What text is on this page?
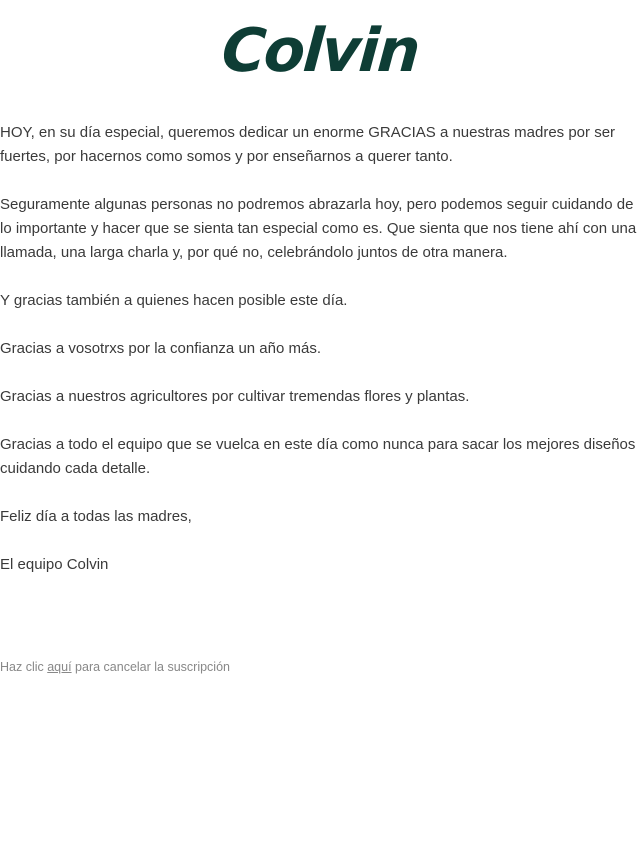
Colvin

HOY, en su día especial, queremos dedicar un enorme GRACIAS a nuestras madres por ser fuertes, por hacernos como somos y por enseñarnos a querer tanto.

Seguramente algunas personas no podremos abrazarla hoy, pero podemos seguir cuidando de lo importante y hacer que se sienta tan especial como es. Que sienta que nos tiene ahí con una llamada, una larga charla y, por qué no, celebrándolo juntos de otra manera.

Y gracias también a quienes hacen posible este día.

Gracias a vosotrxs por la confianza un año más.

Gracias a nuestros agricultores por cultivar tremendas flores y plantas.

Gracias a todo el equipo que se vuelca en este día como nunca para sacar los mejores diseños cuidando cada detalle.

Feliz día a todas las madres,

El equipo Colvin

Haz clic aquí para cancelar la suscripción
